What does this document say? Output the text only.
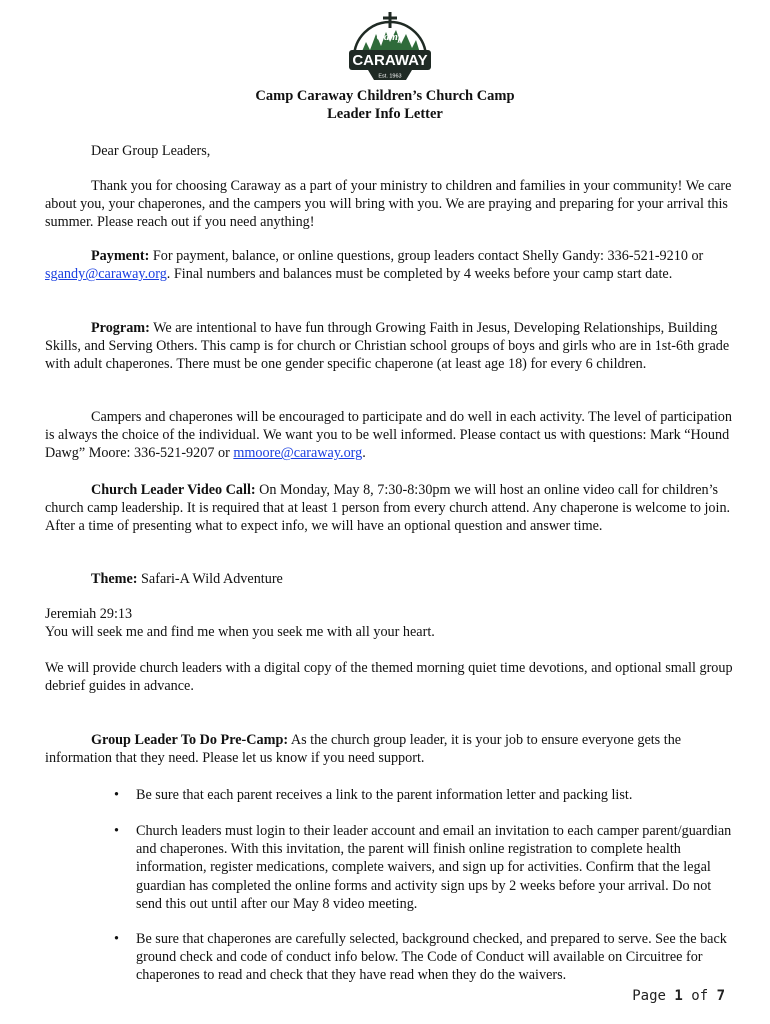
Camp
CARAWAY
Est. 1963
Camp Caraway Children’s Church Camp
Leader Info Letter
Dear Group Leaders,
Thank you for choosing Caraway as a part of your ministry to children and families in your community! We care about you, your chaperones, and the campers you will bring with you. We are praying and preparing for your arrival this summer. Please reach out if you need anything!
Payment: For payment, balance, or online questions, group leaders contact Shelly Gandy: 336-521-9210 or sgandy@caraway.org. Final numbers and balances must be completed by 4 weeks before your camp start date.
Program: We are intentional to have fun through Growing Faith in Jesus, Developing Relationships, Building Skills, and Serving Others. This camp is for church or Christian school groups of boys and girls who are in 1st-6th grade with adult chaperones. There must be one gender specific chaperone (at least age 18) for every 6 children.
Campers and chaperones will be encouraged to participate and do well in each activity. The level of participation is always the choice of the individual. We want you to be well informed. Please contact us with questions: Mark “Hound Dawg” Moore: 336-521-9207 or mmoore@caraway.org.
Church Leader Video Call: On Monday, May 8, 7:30-8:30pm we will host an online video call for children’s church camp leadership. It is required that at least 1 person from every church attend. Any chaperone is welcome to join. After a time of presenting what to expect info, we will have an optional question and answer time.
Theme: Safari-A Wild Adventure
Jeremiah 29:13
You will seek me and find me when you seek me with all your heart.
We will provide church leaders with a digital copy of the themed morning quiet time devotions, and optional small group debrief guides in advance.
Group Leader To Do Pre-Camp: As the church group leader, it is your job to ensure everyone gets the information that they need. Please let us know if you need support.
• Be sure that each parent receives a link to the parent information letter and packing list.
• Church leaders must login to their leader account and email an invitation to each camper parent/guardian and chaperones. With this invitation, the parent will finish online registration to complete health information, register medications, complete waivers, and sign up for activities. Confirm that the legal guardian has completed the online forms and activity sign ups by 2 weeks before your arrival. Do not send this out until after our May 8 video meeting.
• Be sure that chaperones are carefully selected, background checked, and prepared to serve. See the back ground check and code of conduct info below. The Code of Conduct will available on Circuitree for chaperones to read and check that they have read when they do the waivers.
Page 1 of 7
